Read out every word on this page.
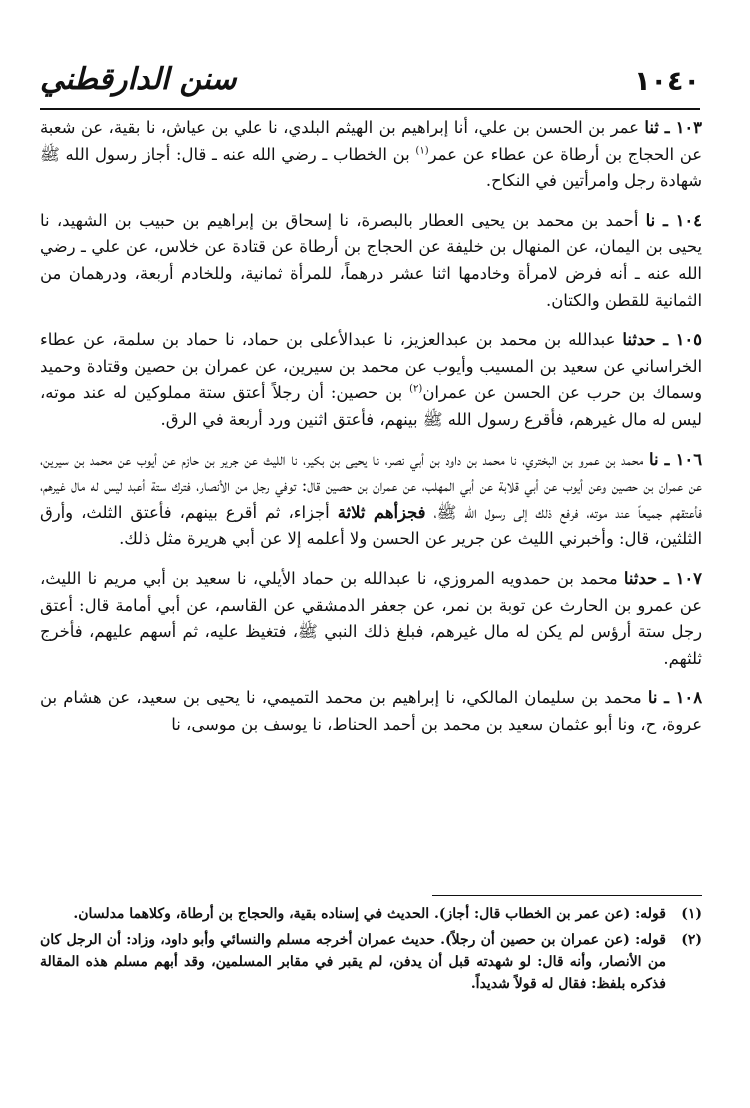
١٠٤٠
سنن الدارقطني

١٠٣ ـ ثنا عمر بن الحسن بن علي، أنا إبراهيم بن الهيثم البلدي، نا علي بن عياش، نا بقية، عن شعبة عن الحجاج بن أرطاة عن عطاء عن عمر$^{(١)}$ بن الخطاب ـ رضي الله عنه ـ قال: أجاز رسول الله ﷺ شهادة رجل وامرأتين في النكاح.

١٠٤ ـ نا أحمد بن محمد بن يحيى العطار بالبصرة، نا إسحاق بن إبراهيم بن حبيب بن الشهيد، نا يحيى بن اليمان، عن المنهال بن خليفة عن الحجاج بن أرطاة عن قتادة عن خلاس، عن علي ـ رضي الله عنه ـ أنه فرض لامرأة وخادمها اثنا عشر درهماً، للمرأة ثمانية، وللخادم أربعة، ودرهمان من الثمانية للقطن والكتان.

١٠٥ ـ حدثنا عبدالله بن محمد بن عبدالعزيز، نا عبدالأعلى بن حماد، نا حماد بن سلمة، عن عطاء الخراساني عن سعيد بن المسيب وأيوب عن محمد بن سيرين، عن عمران بن حصين وقتادة وحميد وسماك بن حرب عن الحسن عن عمران$^{(٢)}$ بن حصين: أن رجلاً أعتق ستة مملوكين له عند موته، ليس له مال غيرهم، فأقرع رسول الله ﷺ بينهم، فأعتق اثنين ورد أربعة في الرق.

١٠٦ ـ نا محمد بن عمرو بن البختري، نا محمد بن داود بن أبي نصر، نا يحيى بن بكير، نا الليث عن جرير بن حازم عن أيوب عن محمد بن سيرين، عن عمران بن حصين وعن أيوب عن أبي قلابة عن أبي المهلب، عن عمران بن حصين قال: توفي رجل من الأنصار، فترك ستة أعبد ليس له مال غيرهم، فأعتقهم جميعاً عند موته، فرفع ذلك إلى رسول الله ﷺ، فجزأهم ثلاثة أجزاء، ثم أقرع بينهم، فأعتق الثلث، وأرق الثلثين، قال: وأخبرني الليث عن جرير عن الحسن ولا أعلمه إلا عن أبي هريرة مثل ذلك.

١٠٧ ـ حدثنا محمد بن حمدويه المروزي، نا عبدالله بن حماد الأيلي، نا سعيد بن أبي مريم نا الليث، عن عمرو بن الحارث عن توبة بن نمر، عن جعفر الدمشقي عن القاسم، عن أبي أمامة قال: أعتق رجل ستة أرؤس لم يكن له مال غيرهم، فبلغ ذلك النبي ﷺ، فتغيظ عليه، ثم أسهم عليهم، فأخرج ثلثهم.

١٠٨ ـ نا محمد بن سليمان المالكي، نا إبراهيم بن محمد التميمي، نا يحيى بن سعيد، عن هشام بن عروة، ح، ونا أبو عثمان سعيد بن محمد بن أحمد الحناط، نا يوسف بن موسى، نا

(١)
قوله: (عن عمر بن الخطاب قال: أجاز). الحديث في إسناده بقية، والحجاج بن أرطاة، وكلاهما مدلسان.

(٢)
قوله: (عن عمران بن حصين أن رجلاً). حديث عمران أخرجه مسلم والنسائي وأبو داود، وزاد: أن الرجل كان من الأنصار، وأنه قال: لو شهدته قبل أن يدفن، لم يقبر في مقابر المسلمين، وقد أبهم مسلم هذه المقالة فذكره بلفظ: فقال له قولاً شديداً.
